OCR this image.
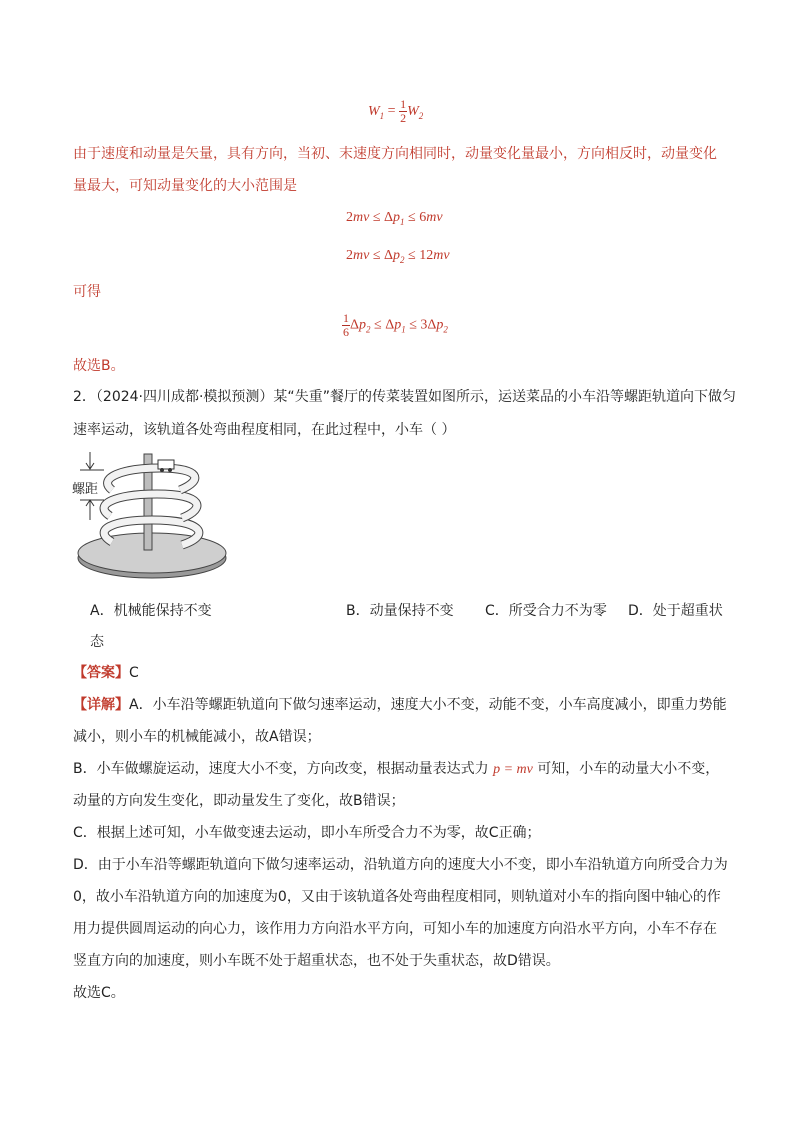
$W_1 = \frac{1}{2} W_2$
由于速度和动量是矢量，具有方向，当初、末速度方向相同时，动量变化量最小，方向相反时，动量变化
量最大，可知动量变化的大小范围是
$2mv \le \Delta p_1 \le 6mv$
$2mv \le \Delta p_2 \le 12mv$
可得
$\frac{1}{6} \Delta p_2 \le \Delta p_1 \le 3\Delta p_2$
故选B。
2．（2024·四川成都·模拟预测）某“失重”餐厅的传菜装置如图所示，运送菜品的小车沿等螺距轨道向下做匀
速率运动，该轨道各处弯曲程度相同，在此过程中，小车（ ）
螺距
A．机械能保持不变	B．动量保持不变 C．所受合力不为零 D．处于超重状
态
【答案】C
【详解】A．小车沿等螺距轨道向下做匀速率运动，速度大小不变，动能不变，小车高度减小，即重力势能
减小，则小车的机械能减小，故A错误；
B．小车做螺旋运动，速度大小不变，方向改变，根据动量表达式力 p = mv 可知，小车的动量大小不变，
动量的方向发生变化，即动量发生了变化，故B错误；
C．根据上述可知，小车做变速去运动，即小车所受合力不为零，故C正确；
D．由于小车沿等螺距轨道向下做匀速率运动，沿轨道方向的速度大小不变，即小车沿轨道方向所受合力为
0，故小车沿轨道方向的加速度为0，又由于该轨道各处弯曲程度相同，则轨道对小车的指向图中轴心的作
用力提供圆周运动的向心力，该作用力方向沿水平方向，可知小车的加速度方向沿水平方向，小车不存在
竖直方向的加速度，则小车既不处于超重状态，也不处于失重状态，故D错误。
故选C。
